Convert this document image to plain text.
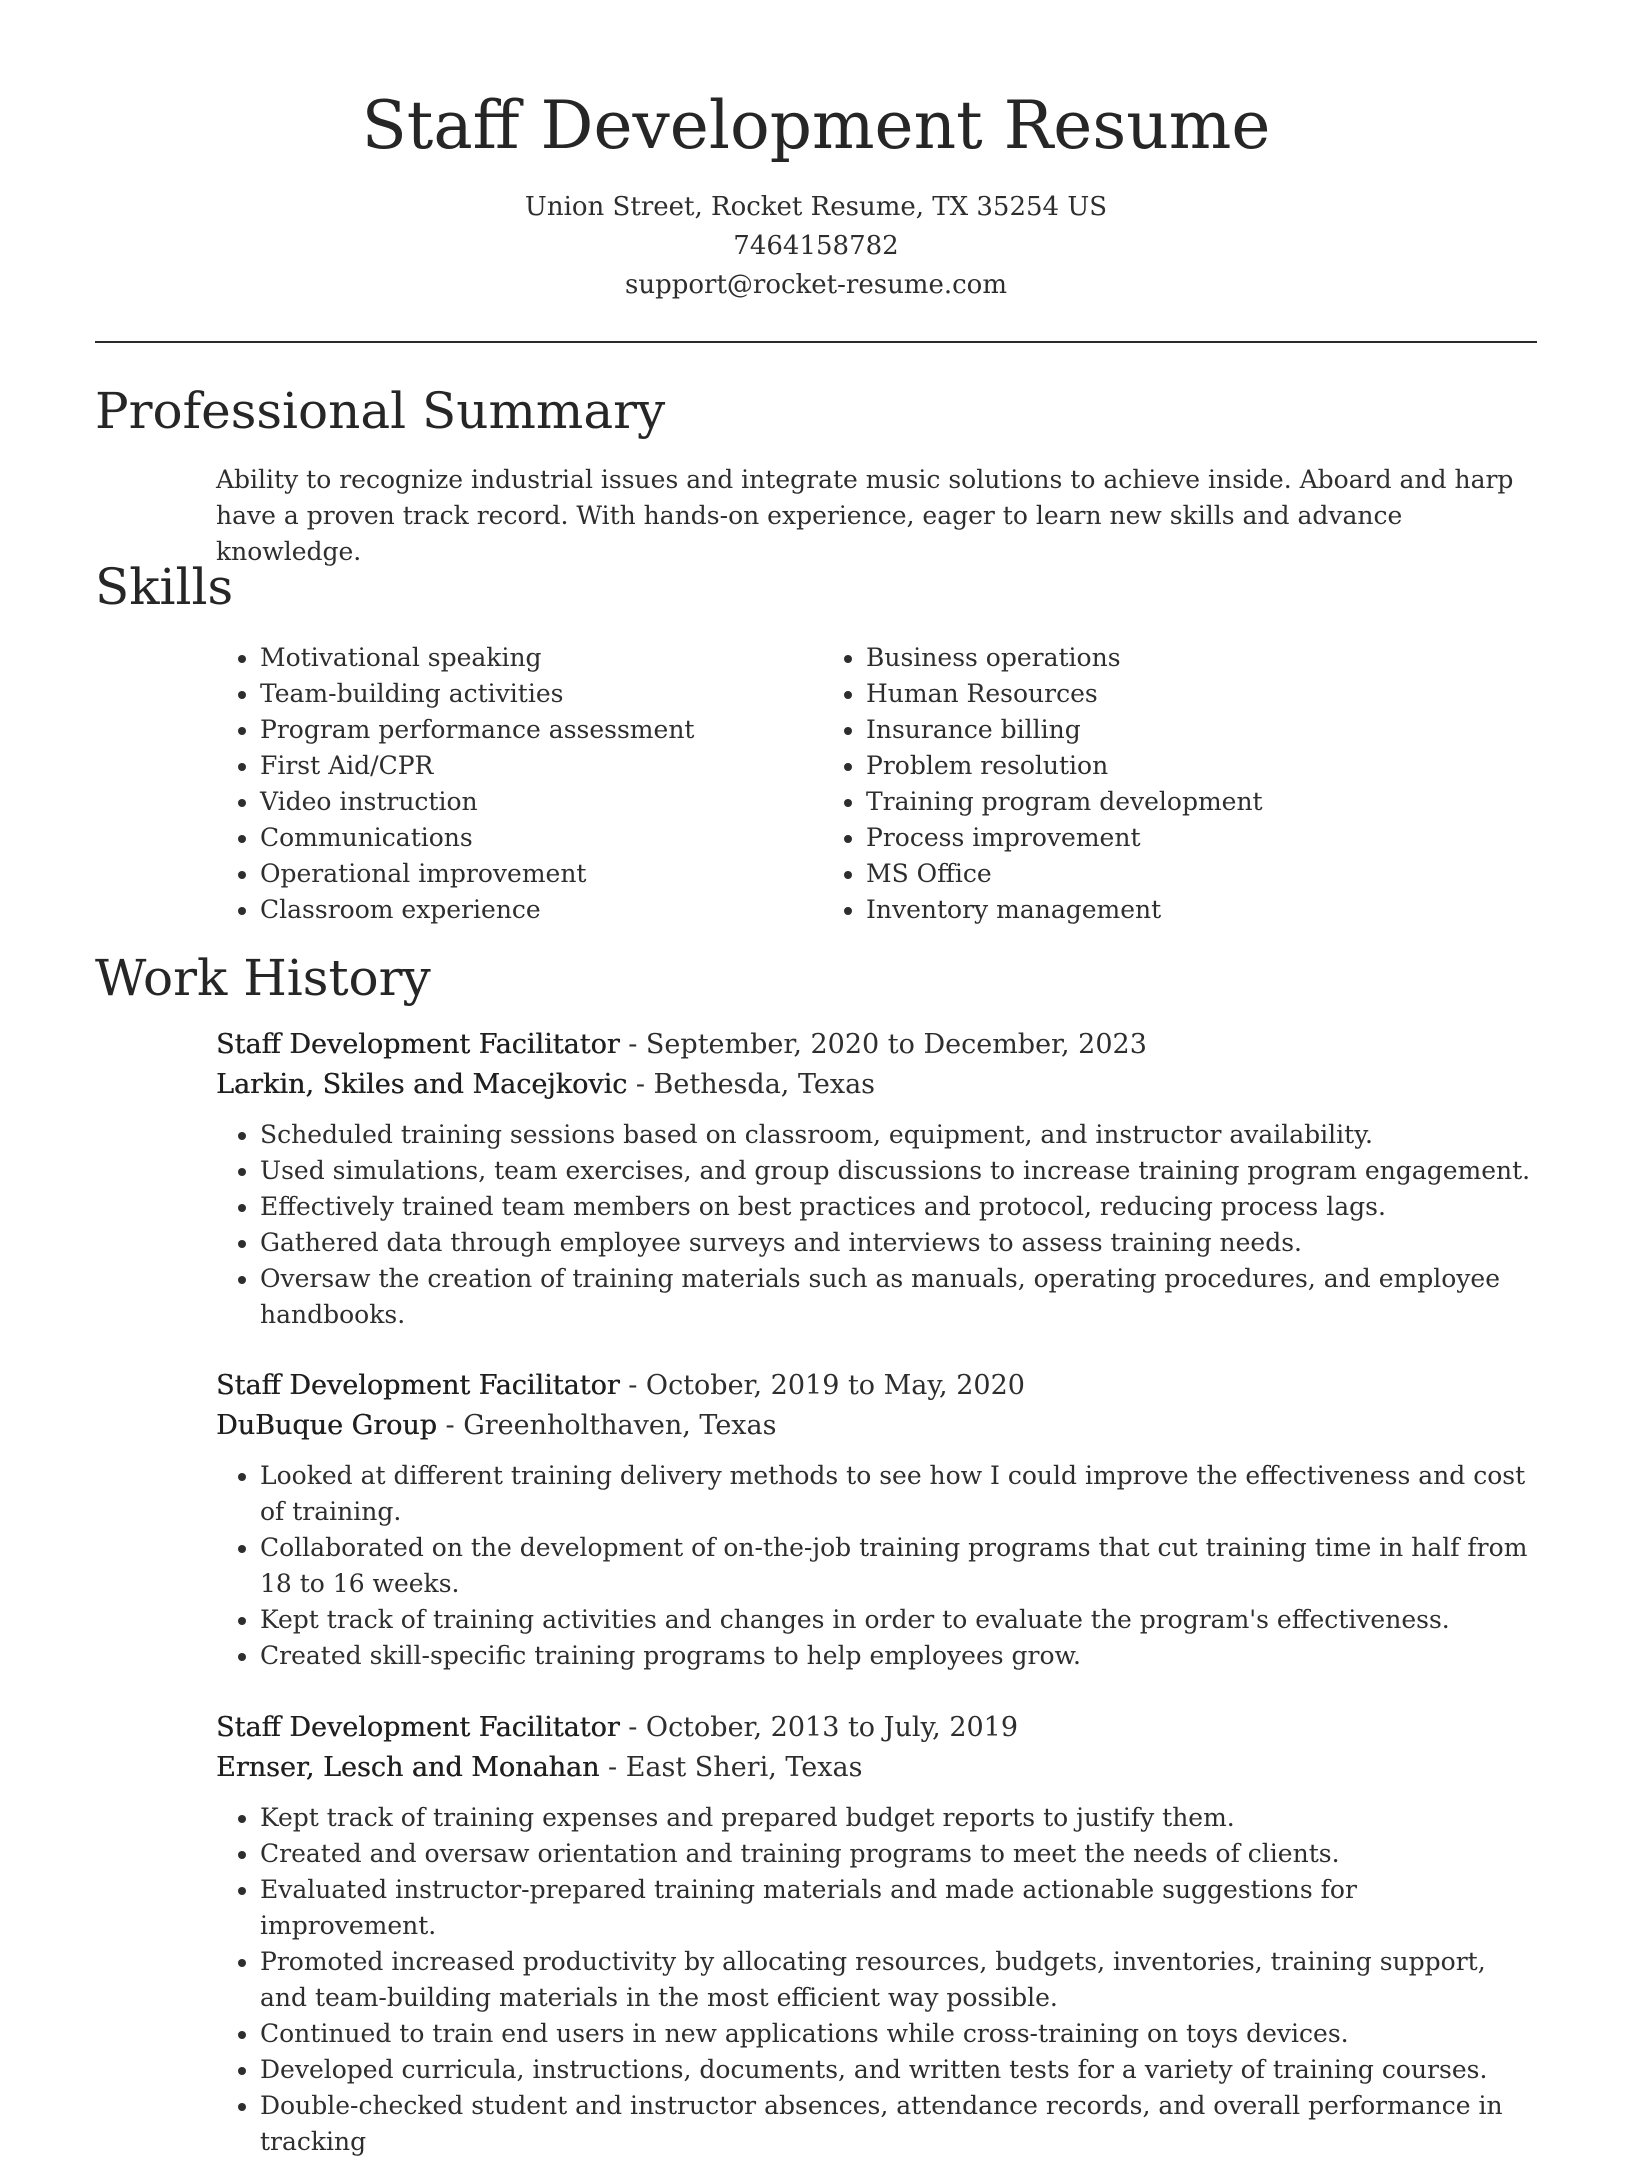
Staff Development Resume
Union Street, Rocket Resume, TX 35254 US
7464158782
support@rocket-resume.com
Professional Summary
Ability to recognize industrial issues and integrate music solutions to achieve inside. Aboard and harp have a proven track record. With hands-on experience, eager to learn new skills and advance knowledge.
Skills
• Motivational speaking
• Team-building activities
• Program performance assessment
• First Aid/CPR
• Video instruction
• Communications
• Operational improvement
• Classroom experience
• Business operations
• Human Resources
• Insurance billing
• Problem resolution
• Training program development
• Process improvement
• MS Office
• Inventory management
Work History
Staff Development Facilitator - September, 2020 to December, 2023
Larkin, Skiles and Macejkovic - Bethesda, Texas
• Scheduled training sessions based on classroom, equipment, and instructor availability.
• Used simulations, team exercises, and group discussions to increase training program engagement.
• Effectively trained team members on best practices and protocol, reducing process lags.
• Gathered data through employee surveys and interviews to assess training needs.
• Oversaw the creation of training materials such as manuals, operating procedures, and employee handbooks.
Staff Development Facilitator - October, 2019 to May, 2020
DuBuque Group - Greenholthaven, Texas
• Looked at different training delivery methods to see how I could improve the effectiveness and cost of training.
• Collaborated on the development of on-the-job training programs that cut training time in half from 18 to 16 weeks.
• Kept track of training activities and changes in order to evaluate the program's effectiveness.
• Created skill-specific training programs to help employees grow.
Staff Development Facilitator - October, 2013 to July, 2019
Ernser, Lesch and Monahan - East Sheri, Texas
• Kept track of training expenses and prepared budget reports to justify them.
• Created and oversaw orientation and training programs to meet the needs of clients.
• Evaluated instructor-prepared training materials and made actionable suggestions for improvement.
• Promoted increased productivity by allocating resources, budgets, inventories, training support, and team-building materials in the most efficient way possible.
• Continued to train end users in new applications while cross-training on toys devices.
• Developed curricula, instructions, documents, and written tests for a variety of training courses.
• Double-checked student and instructor absences, attendance records, and overall performance in tracking
